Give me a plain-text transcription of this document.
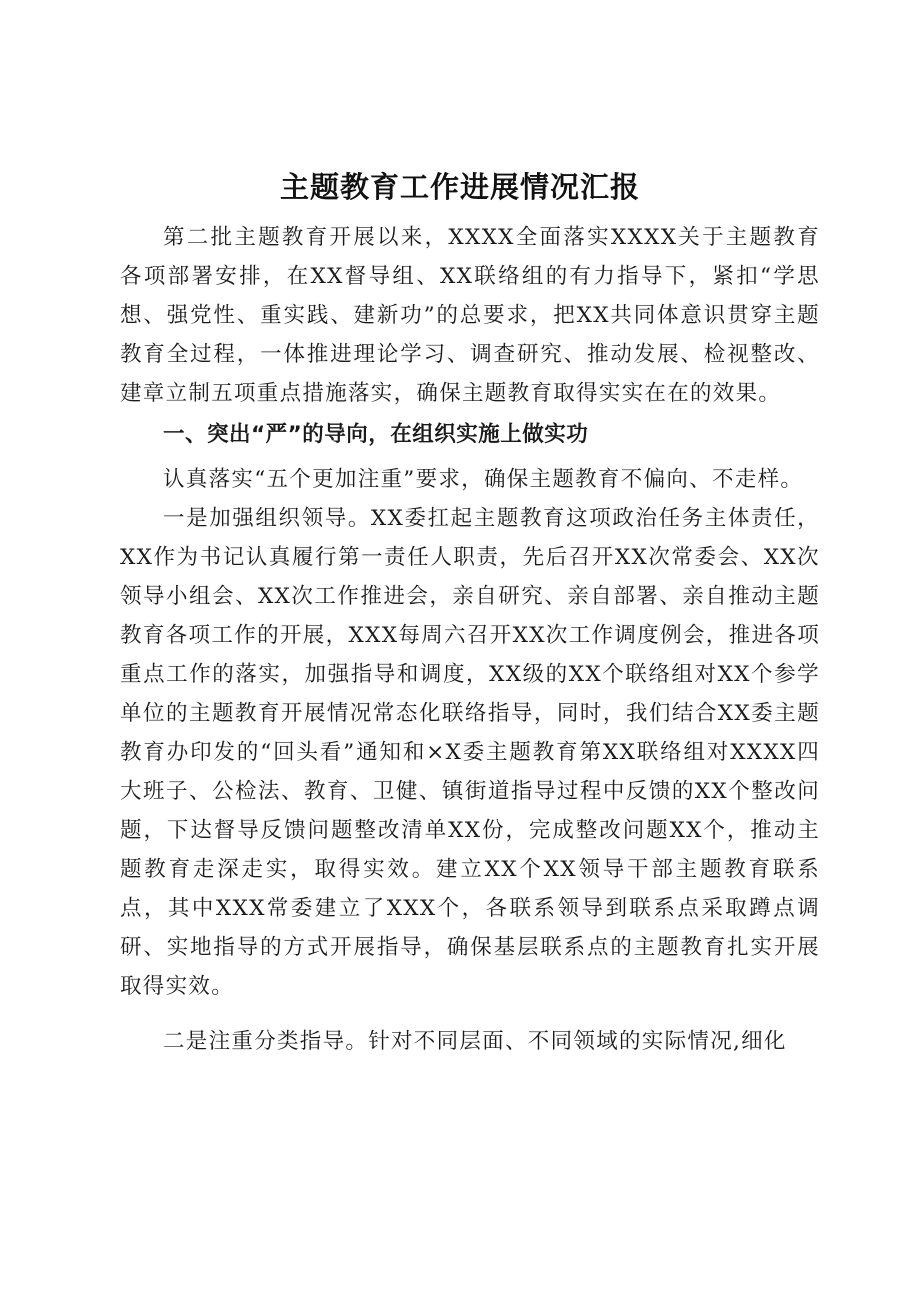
主题教育工作进展情况汇报

第二批主题教育开展以来，XXXX全面落实XXXX关于主题教育各项部署安排，在XX督导组、XX联络组的有力指导下，紧扣“学思想、强党性、重实践、建新功”的总要求，把XX共同体意识贯穿主题教育全过程，一体推进理论学习、调查研究、推动发展、检视整改、建章立制五项重点措施落实，确保主题教育取得实实在在的效果。

一、突出“严”的导向，在组织实施上做实功

认真落实“五个更加注重”要求，确保主题教育不偏向、不走样。

一是加强组织领导。XX委扛起主题教育这项政治任务主体责任，XX作为书记认真履行第一责任人职责，先后召开XX次常委会、XX次领导小组会、XX次工作推进会，亲自研究、亲自部署、亲自推动主题教育各项工作的开展，XXX每周六召开XX次工作调度例会，推进各项重点工作的落实，加强指导和调度，XX级的XX个联络组对XX个参学单位的主题教育开展情况常态化联络指导，同时，我们结合XX委主题教育办印发的“回头看”通知和×X委主题教育第XX联络组对XXXX四大班子、公检法、教育、卫健、镇街道指导过程中反馈的XX个整改问题，下达督导反馈问题整改清单XX份，完成整改问题XX个，推动主题教育走深走实，取得实效。建立XX个XX领导干部主题教育联系点，其中XXX常委建立了XXX个，各联系领导到联系点采取蹲点调研、实地指导的方式开展指导，确保基层联系点的主题教育扎实开展取得实效。

二是注重分类指导。针对不同层面、不同领域的实际情况,细化
